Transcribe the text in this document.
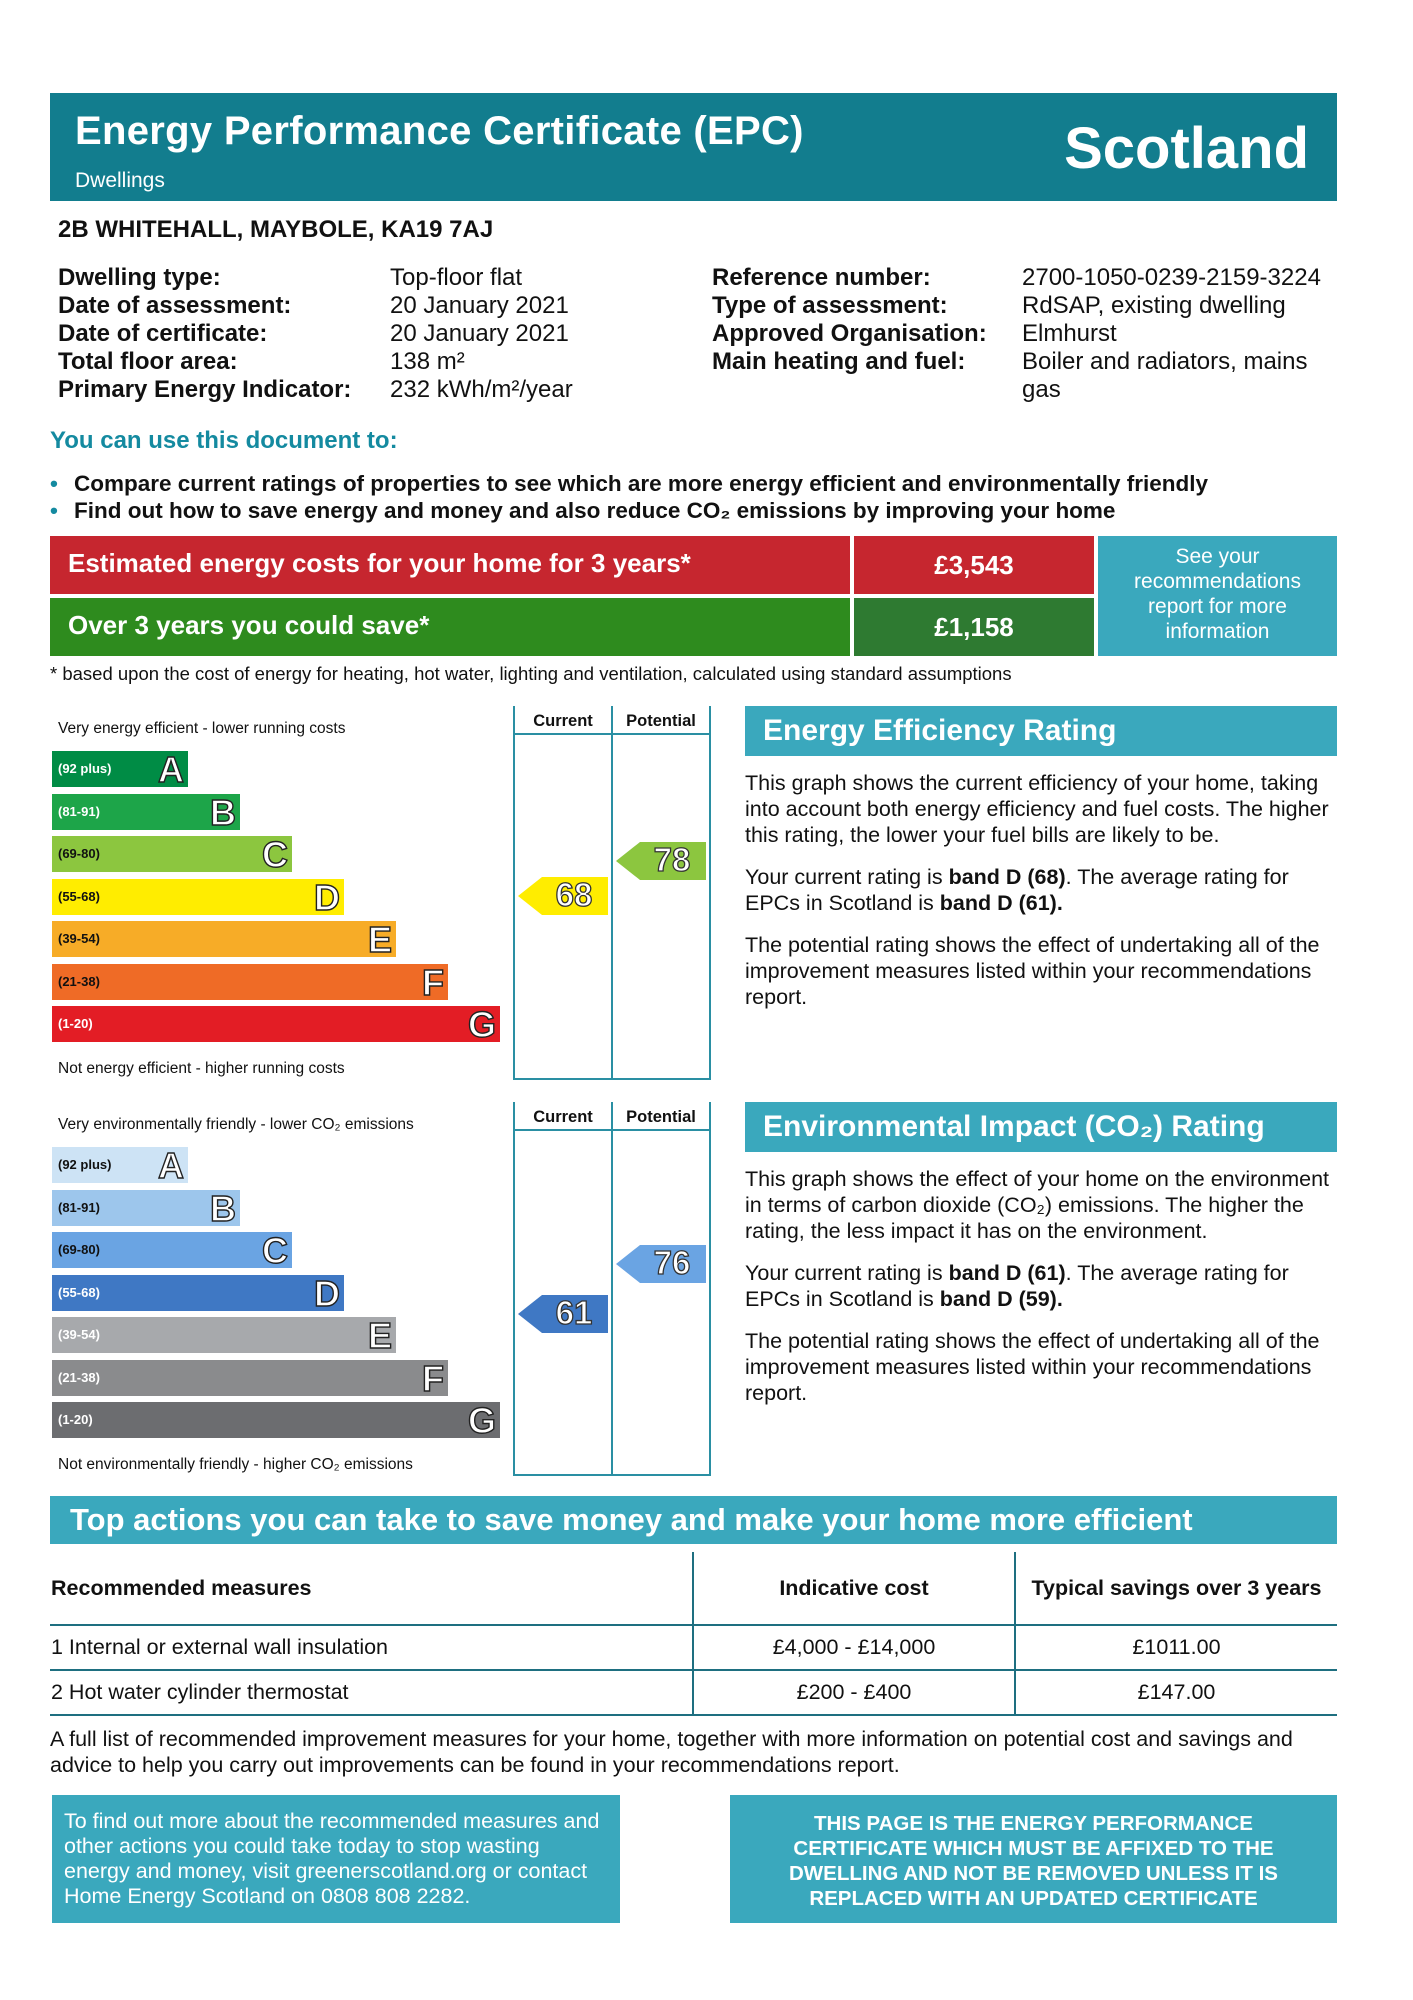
Energy Performance Certificate (EPC)
Dwellings	Scotland
2B WHITEHALL, MAYBOLE, KA19 7AJ
Dwelling type:	Top-floor flat
Date of assessment:	20 January 2021
Date of certificate:	20 January 2021
Total floor area:	138 m²
Primary Energy Indicator:	232 kWh/m²/year
Reference number:	2700-1050-0239-2159-3224
Type of assessment:	RdSAP, existing dwelling
Approved Organisation:	Elmhurst
Main heating and fuel:	Boiler and radiators, mains gas
You can use this document to:
• Compare current ratings of properties to see which are more energy efficient and environmentally friendly
• Find out how to save energy and money and also reduce CO₂ emissions by improving your home
Estimated energy costs for your home for 3 years*	£3,543
Over 3 years you could save*	£1,158
See your recommendations report for more information
* based upon the cost of energy for heating, hot water, lighting and ventilation, calculated using standard assumptions
Very energy efficient - lower running costs
Not energy efficient - higher running costs
Current	Potential
(92 plus) A
(81-91)	B
(69-80)	C
(55-68)	D
(39-54)	E
(21-38)	F
(1-20)	G
68
78
Very environmentally friendly - lower CO₂ emissions
Not environmentally friendly - higher CO₂ emissions
Current	Potential
(92 plus) A
(81-91)	B
(69-80)	C
(55-68)	D
(39-54)	E
(21-38)	F
(1-20)	G
61
76
Energy Efficiency Rating

This graph shows the current efficiency of your home, taking into account both energy efficiency and fuel costs. The higher this rating, the lower your fuel bills are likely to be.

Your current rating is band D (68). The average rating for EPCs in Scotland is band D (61).

The potential rating shows the effect of undertaking all of the improvement measures listed within your recommendations report.

Environmental Impact (CO₂) Rating

This graph shows the effect of your home on the environment in terms of carbon dioxide (CO₂) emissions. The higher the rating, the less impact it has on the environment.

Your current rating is band D (61). The average rating for EPCs in Scotland is band D (59).

The potential rating shows the effect of undertaking all of the improvement measures listed within your recommendations report.

Top actions you can take to save money and make your home more efficient
Recommended measures	Indicative cost	Typical savings over 3 years
1 Internal or external wall insulation	£4,000 - £14,000	£1011.00
2 Hot water cylinder thermostat	£200 - £400	£147.00
A full list of recommended improvement measures for your home, together with more information on potential cost and savings and advice to help you carry out improvements can be found in your recommendations report.
To find out more about the recommended measures and other actions you could take today to stop wasting energy and money, visit greenerscotland.org or contact Home Energy Scotland on 0808 808 2282.
THIS PAGE IS THE ENERGY PERFORMANCE CERTIFICATE WHICH MUST BE AFFIXED TO THE DWELLING AND NOT BE REMOVED UNLESS IT IS REPLACED WITH AN UPDATED CERTIFICATE
